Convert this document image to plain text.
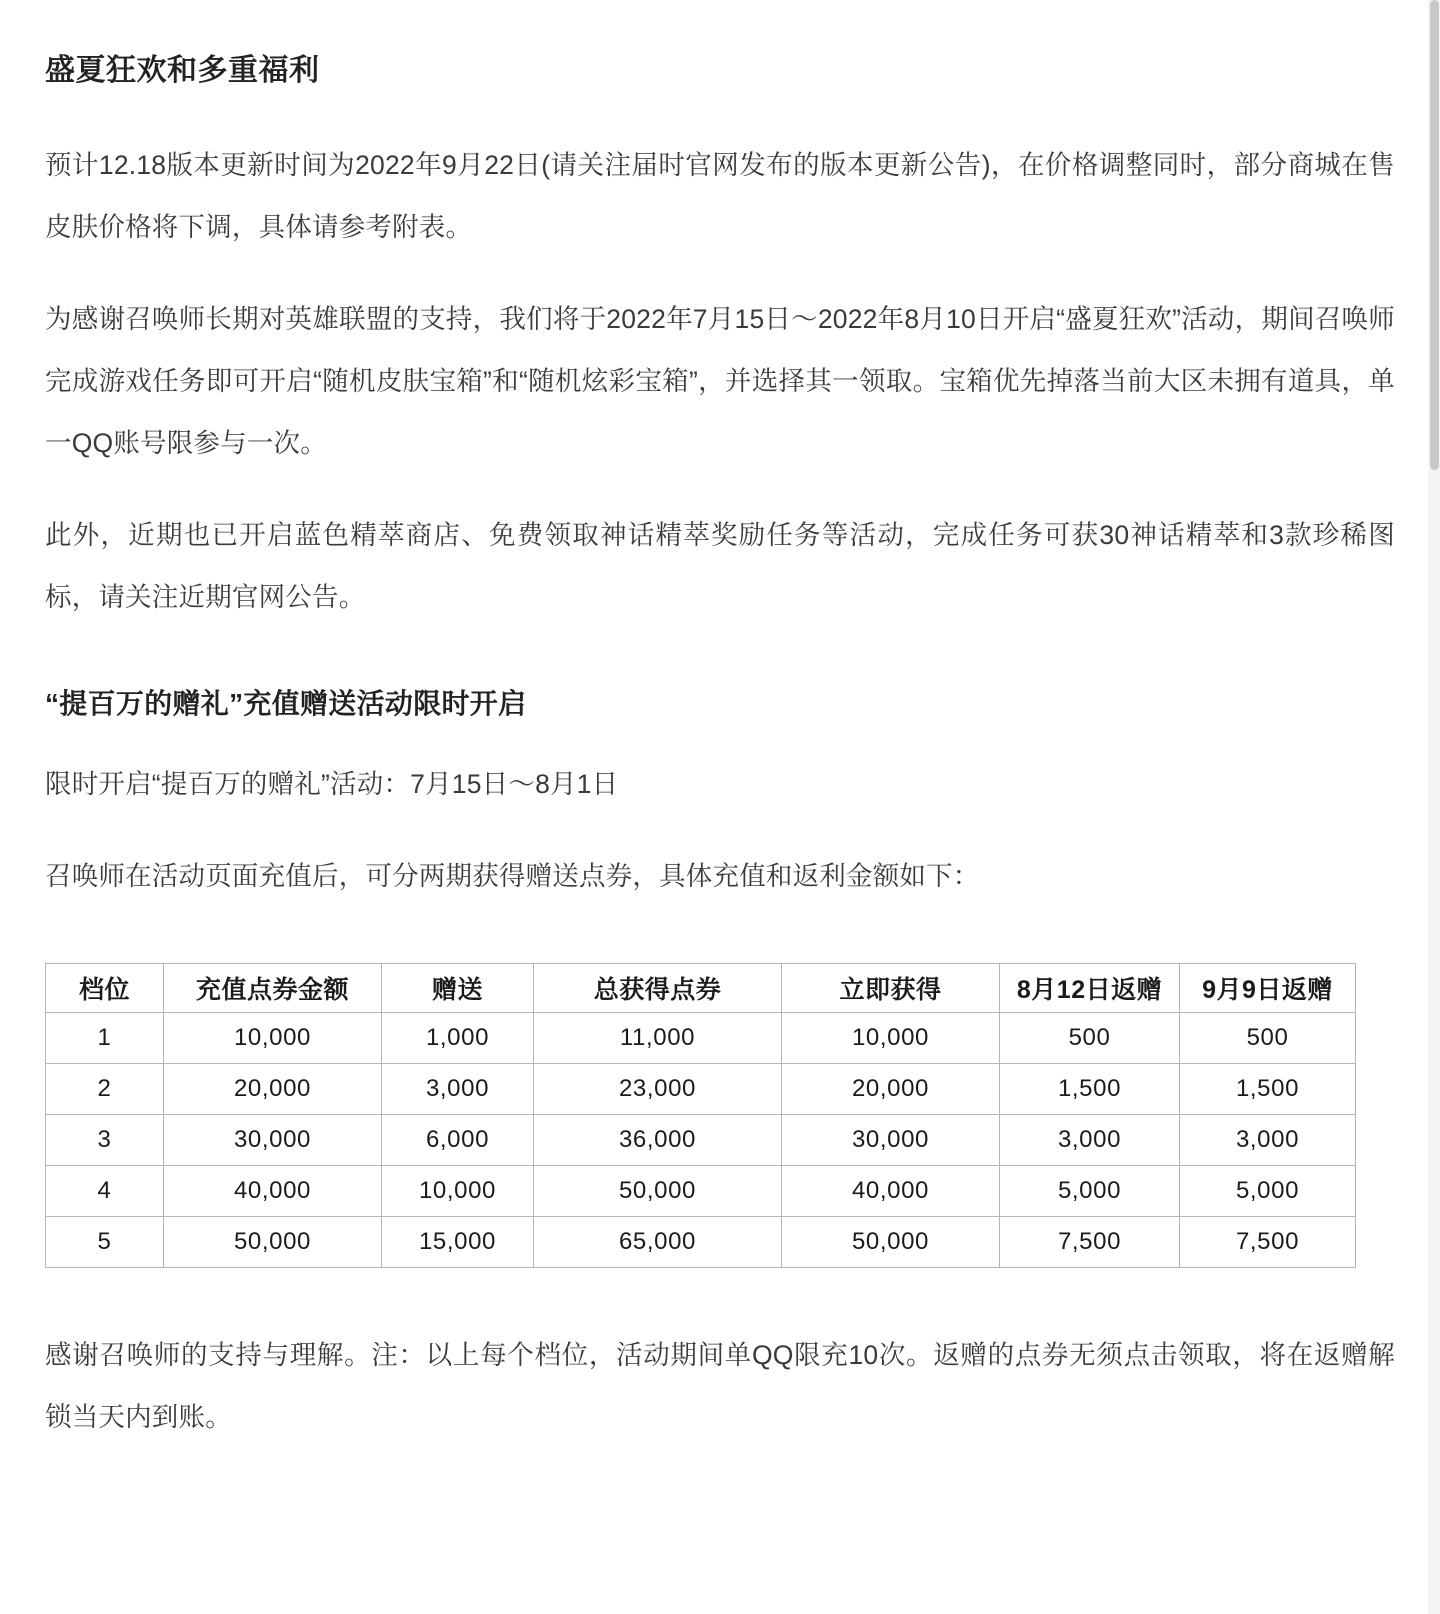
盛夏狂欢和多重福利

预计12.18版本更新时间为2022年9月22日(请关注届时官网发布的版本更新公告)，在价格调整同时，部分商城在售皮肤价格将下调，具体请参考附表。

为感谢召唤师长期对英雄联盟的支持，我们将于2022年7月15日～2022年8月10日开启“盛夏狂欢”活动，期间召唤师完成游戏任务即可开启“随机皮肤宝箱”和“随机炫彩宝箱”，并选择其一领取。宝箱优先掉落当前大区未拥有道具，单一QQ账号限参与一次。

此外，近期也已开启蓝色精萃商店、免费领取神话精萃奖励任务等活动，完成任务可获30神话精萃和3款珍稀图标，请关注近期官网公告。

“提百万的赠礼”充值赠送活动限时开启

限时开启“提百万的赠礼”活动：7月15日～8月1日

召唤师在活动页面充值后，可分两期获得赠送点券，具体充值和返利金额如下：

档位	充值点券金额	赠送	总获得点券	立即获得	8月12日返赠	9月9日返赠
1	10,000	1,000	11,000	10,000	500	500
2	20,000	3,000	23,000	20,000	1,500	1,500
3	30,000	6,000	36,000	30,000	3,000	3,000
4	40,000	10,000	50,000	40,000	5,000	5,000
5	50,000	15,000	65,000	50,000	7,500	7,500

感谢召唤师的支持与理解。注：以上每个档位，活动期间单QQ限充10次。返赠的点券无须点击领取，将在返赠解锁当天内到账。
